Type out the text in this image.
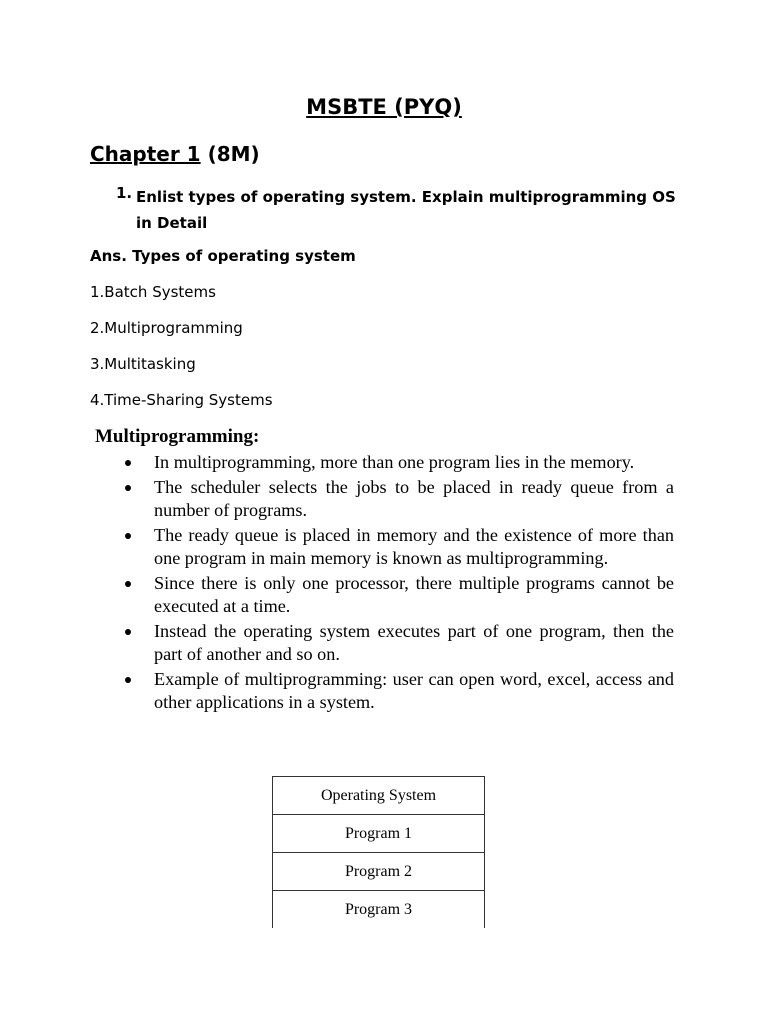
MSBTE (PYQ)
Chapter 1 (8M)
1. Enlist types of operating system. Explain multiprogramming OS in Detail
Ans. Types of operating system
1.Batch Systems
2.Multiprogramming
3.Multitasking
4.Time-Sharing Systems
Multiprogramming:
In multiprogramming, more than one program lies in the memory.
The scheduler selects the jobs to be placed in ready queue from a number of programs.
The ready queue is placed in memory and the existence of more than one program in main memory is known as multiprogramming.
Since there is only one processor, there multiple programs cannot be executed at a time.
Instead the operating system executes part of one program, then the part of another and so on.
Example of multiprogramming: user can open word, excel, access and other applications in a system.
Operating System
Program 1
Program 2
Program 3
